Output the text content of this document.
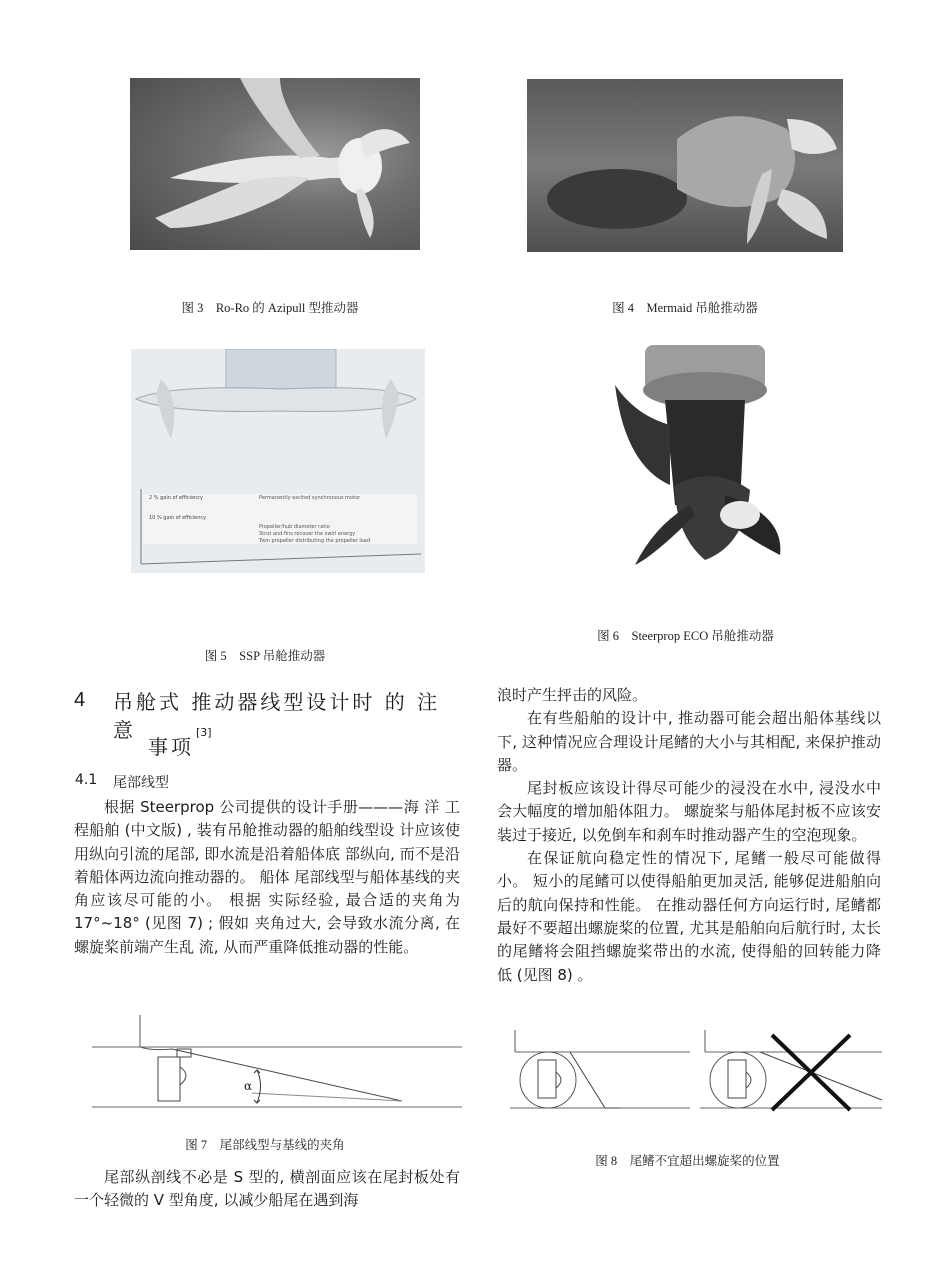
图 3　Ro-Ro 的 Azipull 型推动器	图 4　Mermaid 吊舱推动器
2 % gain of efficiency
10 % gain of efficiency
Permanently excited synchronous motor
Propeller/hub diameter ratio
Strut and fins recover the swirl energy
Twin propeller distributing the propeller load
图 5　SSP 吊舱推动器
图 6　Steerprop ECO 吊舱推动器
4 吊舱式 推动器线型设计时 的 注
意
事项
[3]
4.1 尾部线型

根据 Steerprop 公司提供的设计手册———海 洋 工程船舶 (中文版) , 装有吊舱推动器的船舶线型设 计应该使用纵向引流的尾部, 即水流是沿着船体底 部纵向, 而不是沿着船体两边流向推动器的。 船体 尾部线型与船体基线的夹角应该尽可能的小。 根据 实际经验, 最合适的夹角为 17°~18° (见图 7) ; 假如 夹角过大, 会导致水流分离, 在螺旋桨前端产生乱 流, 从而严重降低推动器的性能。

α
图 7　尾部线型与基线的夹角

尾部纵剖线不必是 S 型的, 横剖面应该在尾封板处有一个轻微的 V 型角度, 以减少船尾在遇到海

浪时产生抨击的风险。

在有些船舶的设计中, 推动器可能会超出船体基线以下, 这种情况应合理设计尾鳍的大小与其相配, 来保护推动器。

尾封板应该设计得尽可能少的浸没在水中, 浸没水中会大幅度的增加船体阻力。 螺旋桨与船体尾封板不应该安装过于接近, 以免倒车和刹车时推动器产生的空泡现象。

在保证航向稳定性的情况下, 尾鳍一般尽可能做得小。 短小的尾鳍可以使得船舶更加灵活, 能够促进船舶向后的航向保持和性能。 在推动器任何方向运行时, 尾鳍都最好不要超出螺旋桨的位置, 尤其是船舶向后航行时, 太长的尾鳍将会阻挡螺旋桨带出的水流, 使得船的回转能力降低 (见图 8) 。

图 8　尾鳍不宜超出螺旋桨的位置
